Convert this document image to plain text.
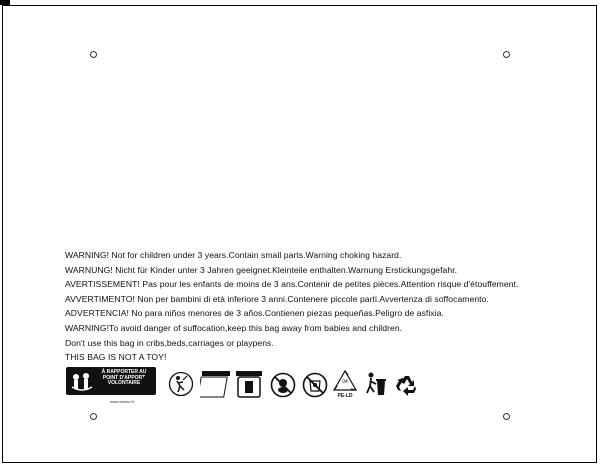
WARNING! Not for children under 3 years.Contain small parts.Warning choking hazard.
WARNUNG! Nicht für Kinder unter 3 Jahren geeignet.Kleinteile enthalten.Warnung Erstickungsgefahr.
AVERTISSEMENT! Pas pour les enfants de moins de 3 ans.Contenir de petites pièces.Attention risque d'étouffement.
AVVERTIMENTO! Non per bambini di età inferiore 3 anni.Contenere piccole parti.Avvertenza di soffocamento.
ADVERTENCIA! No para niños menores de 3 años.Contienen piezas pequeñas.Peligro de asfixia.
WARNING!To avoid danger of suffocation,keep this bag away from babies and children.
Don't use this bag in cribs,beds,carriages or playpens.
THIS BAG IS NOT A TOY!
À RAPPORTER AU POINT D'APPORT VOLONTAIRE
www.triman.fr
04
PE-LD
